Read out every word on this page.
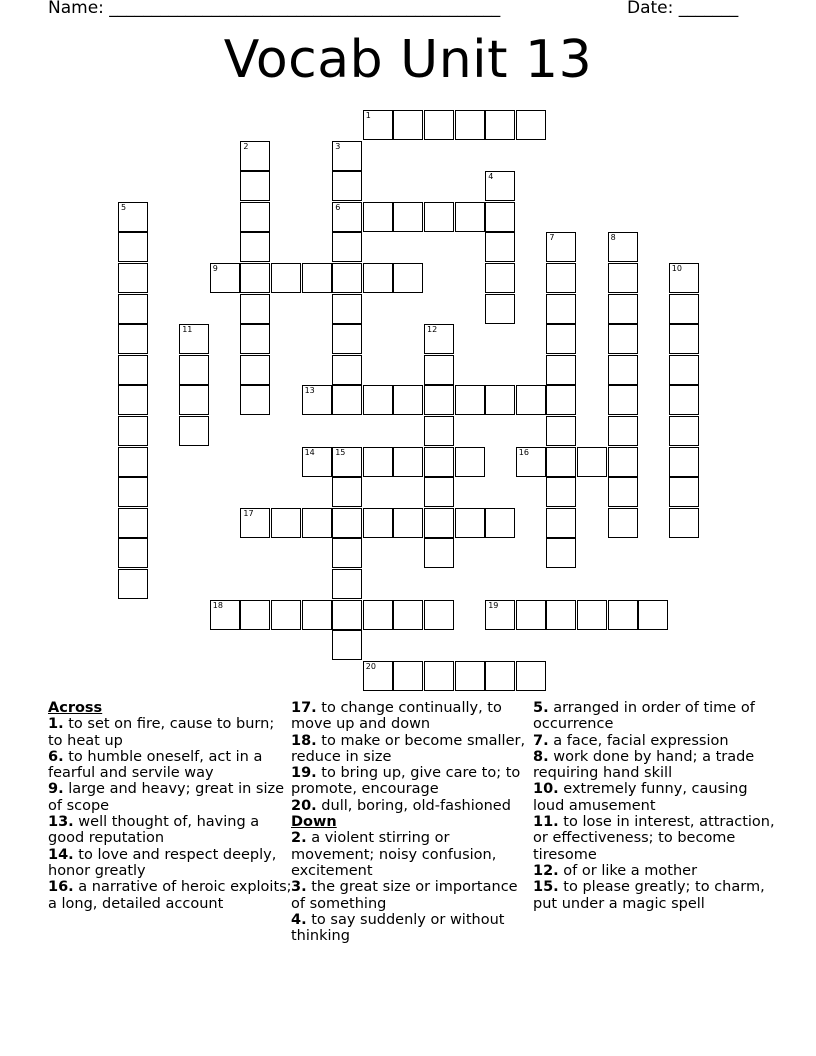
Name: ______________________________________________	Date: _______
Vocab Unit 13
1
6
9
13
14	15	16
17
18	19
20
2	3
4
5
7	8
10
11	12
Across
1. to set on fire, cause to burn; to heat up
6. to humble oneself, act in a fearful and servile way
9. large and heavy; great in size of scope
13. well thought of, having a good reputation
14. to love and respect deeply, honor greatly
16. a narrative of heroic exploits; a long, detailed account
17. to change continually, to move up and down
18. to make or become smaller, reduce in size
19. to bring up, give care to; to promote, encourage
20. dull, boring, old-fashioned
Down
2. a violent stirring or movement; noisy confusion, excitement
3. the great size or importance of something
4. to say suddenly or without thinking
5. arranged in order of time of occurrence
7. a face, facial expression
8. work done by hand; a trade requiring hand skill
10. extremely funny, causing loud amusement
11. to lose in interest, attraction, or effectiveness; to become tiresome
12. of or like a mother
15. to please greatly; to charm, put under a magic spell
